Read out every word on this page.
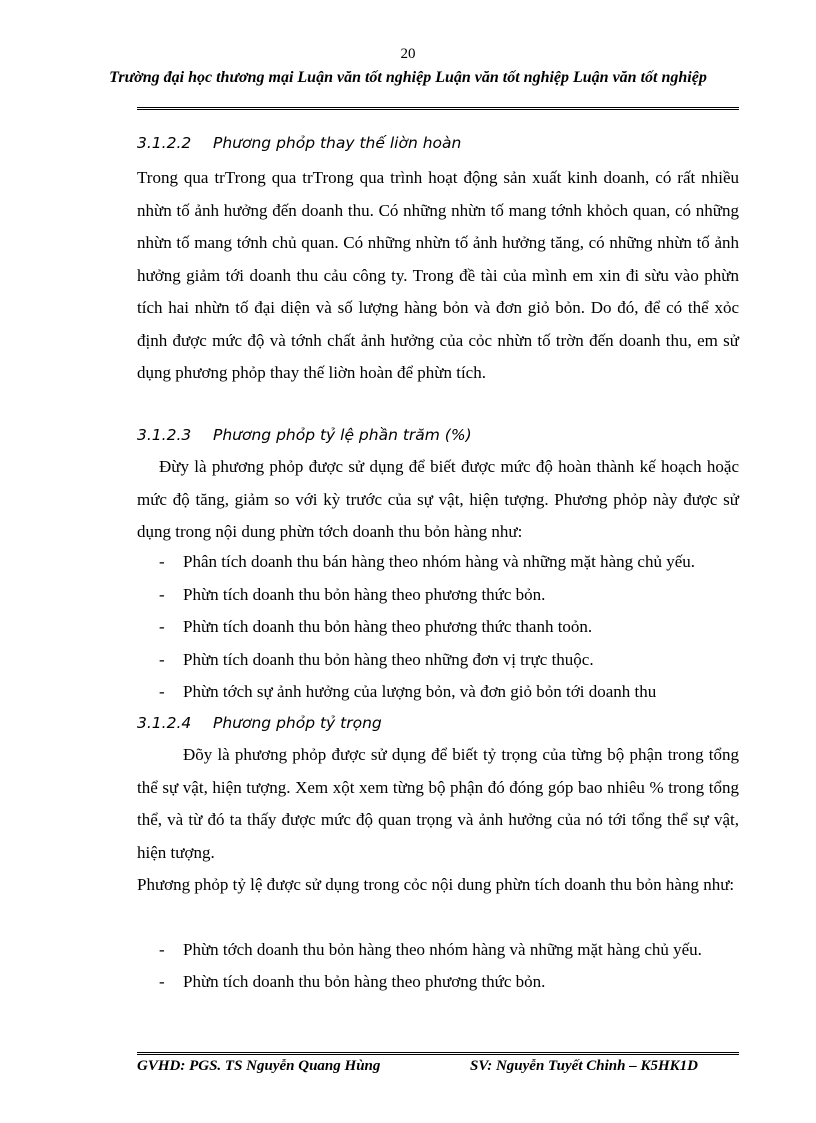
20
Trường đại học thương mại Luận văn tốt nghiệp Luận văn tốt nghiệp Luận văn tốt nghiệp
3.1.2.2 Phương phỏp thay thế liờn hoàn

Trong qua trTrong qua trTrong qua trình hoạt động sản xuất kinh doanh, có rất nhiều nhừn tố ảnh hưởng đến doanh thu. Có những nhừn tố mang tớnh khỏch quan, có những nhừn tố mang tớnh chủ quan. Có những nhừn tố ảnh hưởng tăng, có những nhừn tố ảnh hưởng giảm tới doanh thu cảu công ty. Trong đề tài của mình em xin đi sừu vào phừn tích hai nhừn tố đại diện và số lượng hàng bỏn và đơn giỏ bỏn. Do đó, để có thể xỏc định được mức độ và tớnh chất ảnh hưởng của cỏc nhừn tố trờn đến doanh thu, em sử dụng phương phỏp thay thế liờn hoàn để phừn tích.

3.1.2.3 Phương phỏp tỷ lệ phần trăm (%)

Đừy là phương phỏp được sử dụng để biết được mức độ hoàn thành kế hoạch hoặc mức độ tăng, giảm so với kỳ trước của sự vật, hiện tượng. Phương phỏp này được sử dụng trong nội dung phừn tớch doanh thu bỏn hàng như:

- Phân tích doanh thu bán hàng theo nhóm hàng và những mặt hàng chủ yếu.
- Phừn tích doanh thu bỏn hàng theo phương thức bỏn.
- Phừn tích doanh thu bỏn hàng theo phương thức thanh toỏn.
- Phừn tích doanh thu bỏn hàng theo những đơn vị trực thuộc.
- Phừn tớch sự ảnh hưởng của lượng bỏn, và đơn giỏ bỏn tới doanh thu
3.1.2.4 Phương phỏp tỷ trọng

Đõy là phương phỏp được sử dụng để biết tỷ trọng của từng bộ phận trong tổng thể sự vật, hiện tượng. Xem xột xem từng bộ phận đó đóng góp bao nhiêu % trong tổng thể, và từ đó ta thấy được mức độ quan trọng và ảnh hưởng của nó tới tổng thể sự vật, hiện tượng.

Phương phỏp tỷ lệ được sử dụng trong cỏc nội dung phừn tích doanh thu bỏn hàng như:

- Phừn tớch doanh thu bỏn hàng theo nhóm hàng và những mặt hàng chủ yếu.
- Phừn tích doanh thu bỏn hàng theo phương thức bỏn.
GVHD: PGS. TS Nguyễn Quang Hùng	SV: Nguyễn Tuyết Chinh – K5HK1D
